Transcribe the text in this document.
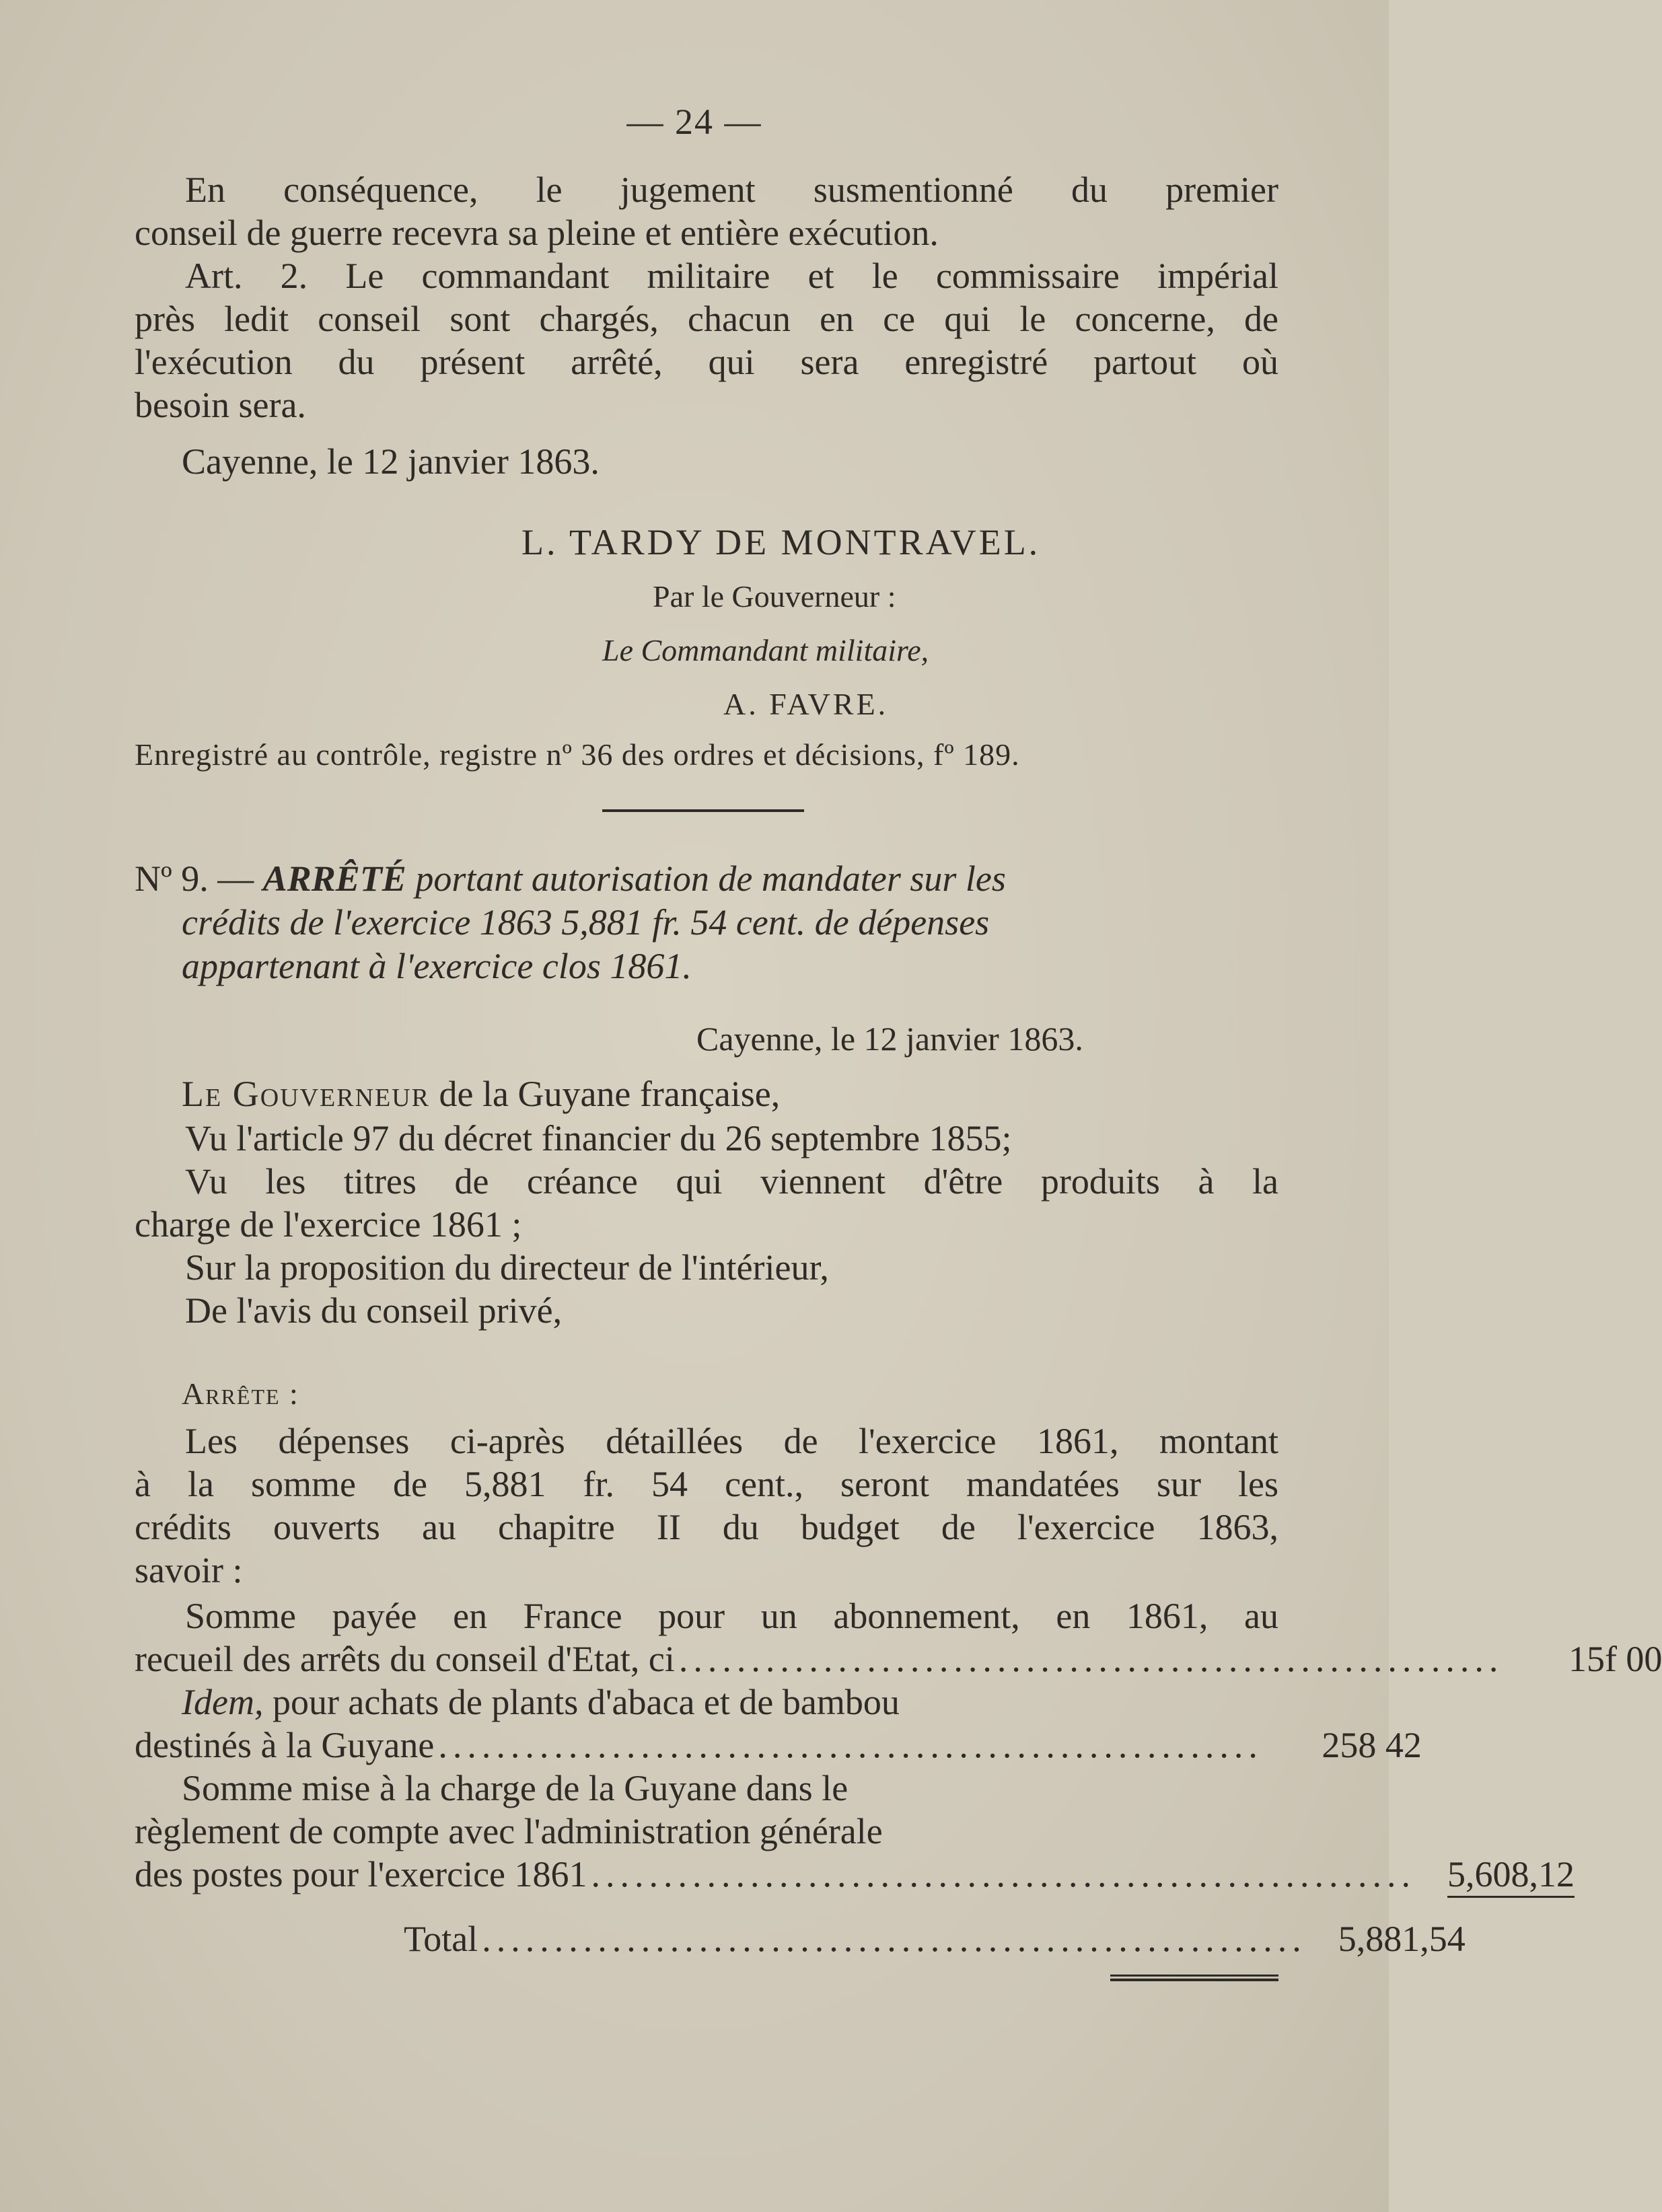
— 24 —
En conséquence, le jugement susmentionné du premier
conseil de guerre recevra sa pleine et entière exécution.
Art. 2. Le commandant militaire et le commissaire impérial
près ledit conseil sont chargés, chacun en ce qui le concerne, de
l'exécution du présent arrêté, qui sera enregistré partout où
besoin sera.
Cayenne, le 12 janvier 1863.
L. TARDY DE MONTRAVEL.
Par le Gouverneur :
Le Commandant militaire,
A. FAVRE.
Enregistré au contrôle, registre nº 36 des ordres et décisions, fº 189.
Nº 9. — ARRÊTÉ portant autorisation de mandater sur les
crédits de l'exercice 1863 5,881 fr. 54 cent. de dépenses
appartenant à l'exercice clos 1861.
Cayenne, le 12 janvier 1863.
Le Gouverneur de la Guyane française,
Vu l'article 97 du décret financier du 26 septembre 1855;
Vu les titres de créance qui viennent d'être produits à la
charge de l'exercice 1861 ;
Sur la proposition du directeur de l'intérieur,
De l'avis du conseil privé,
Arrête :
Les dépenses ci-après détaillées de l'exercice 1861, montant
à la somme de 5,881 fr. 54 cent., seront mandatées sur les
crédits ouverts au chapitre II du budget de l'exercice 1863,
savoir :
Somme payée en France pour un abonnement, en 1861, au
recueil des arrêts du conseil d'Etat, ci .........................................................	15f 00
Idem, pour achats de plants d'abaca et de bambou
destinés à la Guyane .........................................................	258 42
Somme mise à la charge de la Guyane dans le
règlement de compte avec l'administration générale
des postes pour l'exercice 1861 ......................................................... 5,608,12
Total ......................................................... 5,881,54
